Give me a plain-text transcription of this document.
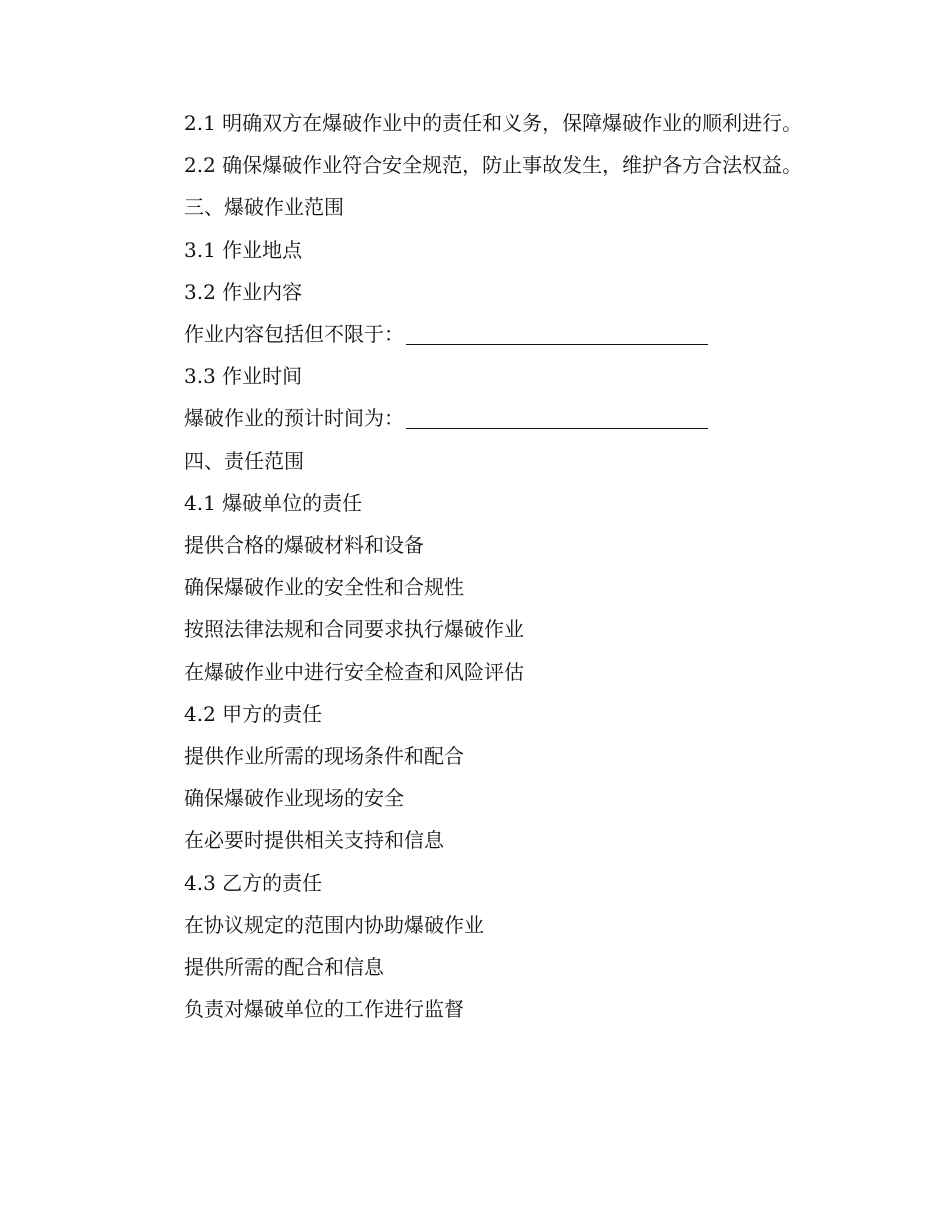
2.1 明确双方在爆破作业中的责任和义务，保障爆破作业的顺利进行。

2.2 确保爆破作业符合安全规范，防止事故发生，维护各方合法权益。

三、爆破作业范围

3.1 作业地点

3.2 作业内容

作业内容包括但不限于：

3.3 作业时间

爆破作业的预计时间为：

四、责任范围

4.1 爆破单位的责任

提供合格的爆破材料和设备

确保爆破作业的安全性和合规性

按照法律法规和合同要求执行爆破作业

在爆破作业中进行安全检查和风险评估

4.2 甲方的责任

提供作业所需的现场条件和配合

确保爆破作业现场的安全

在必要时提供相关支持和信息

4.3 乙方的责任

在协议规定的范围内协助爆破作业

提供所需的配合和信息

负责对爆破单位的工作进行监督
